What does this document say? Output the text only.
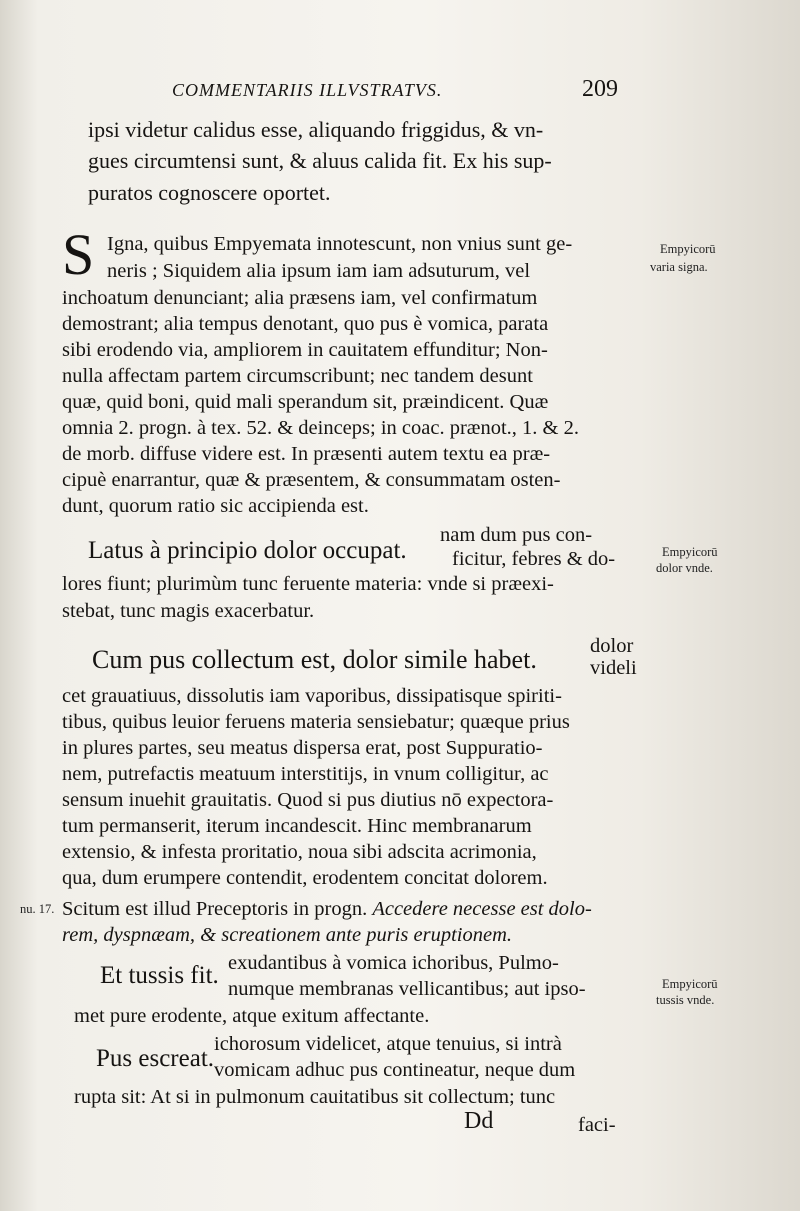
COMMENTARIIS ILLVSTRATVS.	209
ipsi videtur calidus esse, aliquando friggidus, & vn-
gues circumtensi sunt, & aluus calida fit. Ex his sup-
puratos cognoscere oportet.
S Igna, quibus Empyemata innotescunt, non vnius sunt ge-
neris ; Siquidem alia ipsum iam iam adsuturum, vel
inchoatum denunciant; alia præsens iam, vel confirmatum
demostrant; alia tempus denotant, quo pus è vomica, parata
sibi erodendo via, ampliorem in cauitatem effunditur; Non-
nulla affectam partem circumscribunt; nec tandem desunt
quæ, quid boni, quid mali sperandum sit, præindicent. Quæ
omnia 2. progn. à tex. 52. & deinceps; in coac. prænot., 1. & 2.
de morb. diffuse videre est. In præsenti autem textu ea præ-
cipuè enarrantur, quæ & præsentem, & consummatam osten-
dunt, quorum ratio sic accipienda est.
nam dum pus con-
Latus à principio dolor occupat. ficitur, febres & do-
lores fiunt; plurimùm tunc feruente materia: vnde si præexi-
stebat, tunc magis exacerbatur.
dolor
Cum pus collectum est, dolor simile habet.	videli
cet grauatiuus, dissolutis iam vaporibus, dissipatisque spiriti-
tibus, quibus leuior feruens materia sensiebatur; quæque prius
in plures partes, seu meatus dispersa erat, post Suppuratio-
nem, putrefactis meatuum interstitijs, in vnum colligitur, ac
sensum inuehit grauitatis. Quod si pus diutius nō expectora-
tum permanserit, iterum incandescit. Hinc membranarum
extensio, & infesta proritatio, noua sibi adscita acrimonia,
qua, dum erumpere contendit, erodentem concitat dolorem.
nu. 17. Scitum est illud Preceptoris in progn. Accedere necesse est dolo-
rem, dyspnæam, & screationem ante puris eruptionem.
exudantibus à vomica ichoribus, Pulmo-
Et tussis fit. numque membranas vellicantibus; aut ipso-
met pure erodente, atque exitum affectante.
ichorosum videlicet, atque tenuius, si intrà
Pus escreat. vomicam adhuc pus contineatur, neque dum
rupta sit: At si in pulmonum cauitatibus sit collectum; tunc
Dd	faci-
Empyicorū
varia signa.
Empyicorū
dolor vnde.
Empyicorū
tussis vnde.
